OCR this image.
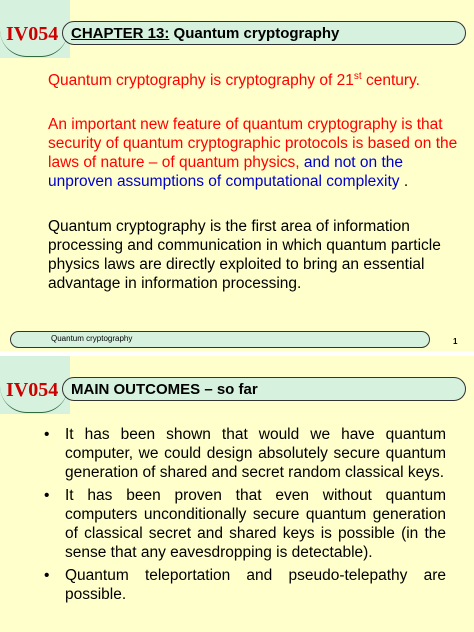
IV054 CHAPTER 13: Quantum cryptography

Quantum cryptography is cryptography of 21st century.

An important new feature of quantum cryptography is that security of quantum cryptographic protocols is based on the laws of nature – of quantum physics, and not on the unproven assumptions of computational complexity .

Quantum cryptography is the first area of information processing and communication in which quantum particle physics laws are directly exploited to bring an essential advantage in information processing.

Quantum cryptography	1
IV054 MAIN OUTCOMES – so far
•	It has been shown that would we have quantum computer, we could design absolutely secure quantum generation of shared and secret random classical keys.
•	It has been proven that even without quantum computers unconditionally secure quantum generation of classical secret and shared keys is possible (in the sense that any eavesdropping is detectable).
•	Quantum teleportation and pseudo-telepathy are possible.
